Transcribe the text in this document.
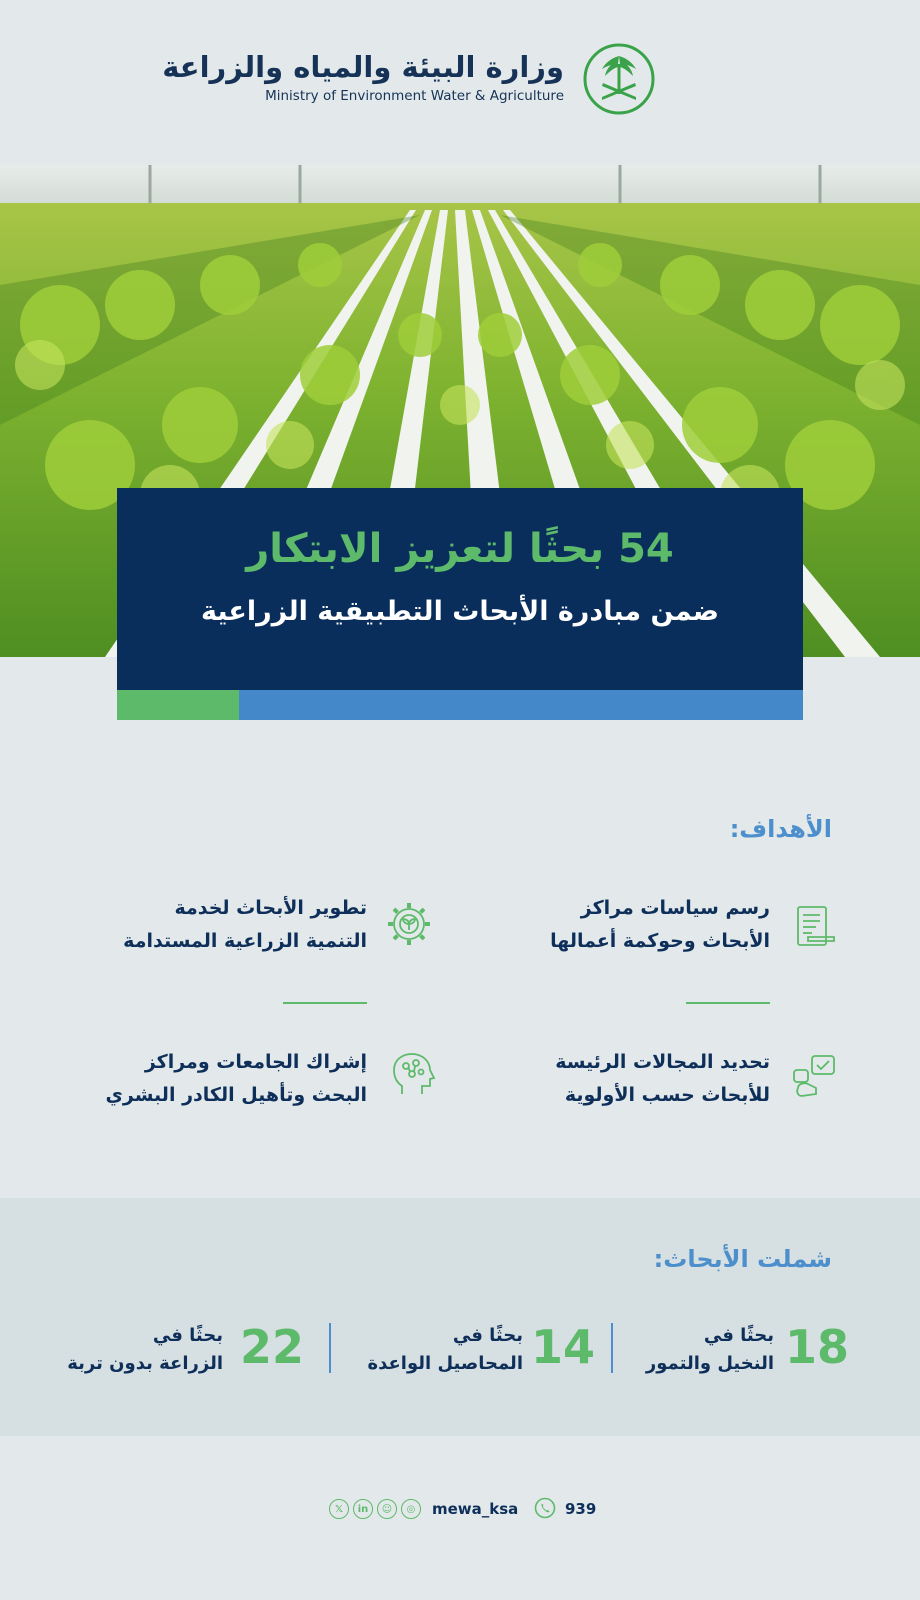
وزارة البيئة والمياه والزراعة
Ministry of Environment Water & Agriculture
54 بحثًا لتعزيز الابتكار
ضمن مبادرة الأبحاث التطبيقية الزراعية
الأهداف:
رسم سياسات مراكز
الأبحاث وحوكمة أعمالها
تطوير الأبحاث لخدمة
التنمية الزراعية المستدامة
تحديد المجالات الرئيسة
للأبحاث حسب الأولوية
إشراك الجامعات ومراكز
البحث وتأهيل الكادر البشري
شملت الأبحاث:
18
بحثًا في
النخيل والتمور
14
بحثًا في
المحاصيل الواعدة
22
بحثًا في
الزراعة بدون تربة
𝕏	in	☺	◎	mewa_ksa	939
